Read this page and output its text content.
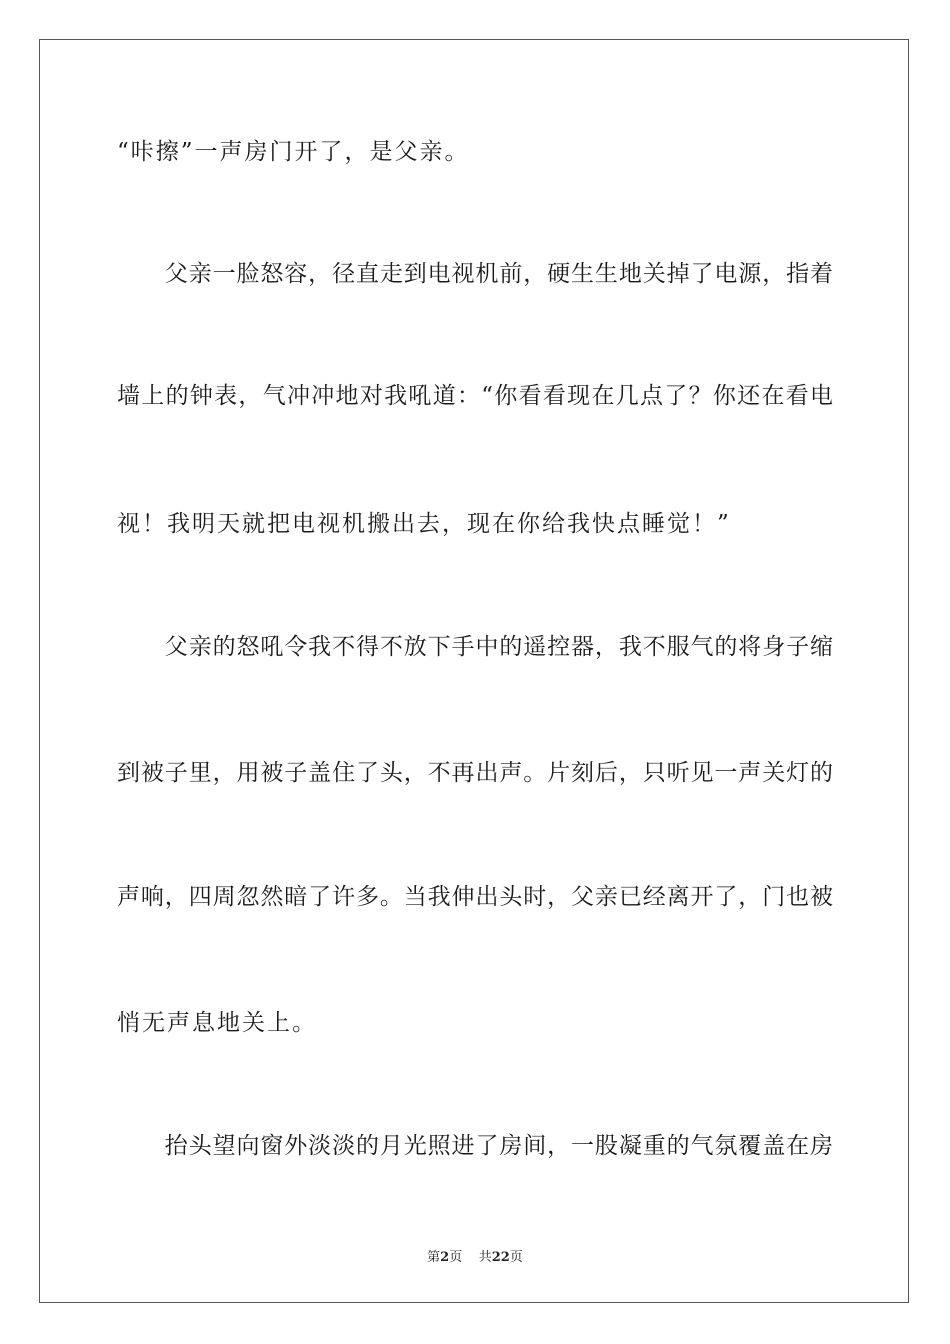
“咔擦”一声房门开了，是父亲。
　　父亲一脸怒容，径直走到电视机前，硬生生地关掉了电源，指着
墙上的钟表，气冲冲地对我吼道：“你看看现在几点了？你还在看电
视！我明天就把电视机搬出去，现在你给我快点睡觉！”
　　父亲的怒吼令我不得不放下手中的遥控器，我不服气的将身子缩
到被子里，用被子盖住了头，不再出声。片刻后，只听见一声关灯的
声响，四周忽然暗了许多。当我伸出头时，父亲已经离开了，门也被
悄无声息地关上。
　　抬头望向窗外淡淡的月光照进了房间，一股凝重的气氛覆盖在房
第2页 共22页
